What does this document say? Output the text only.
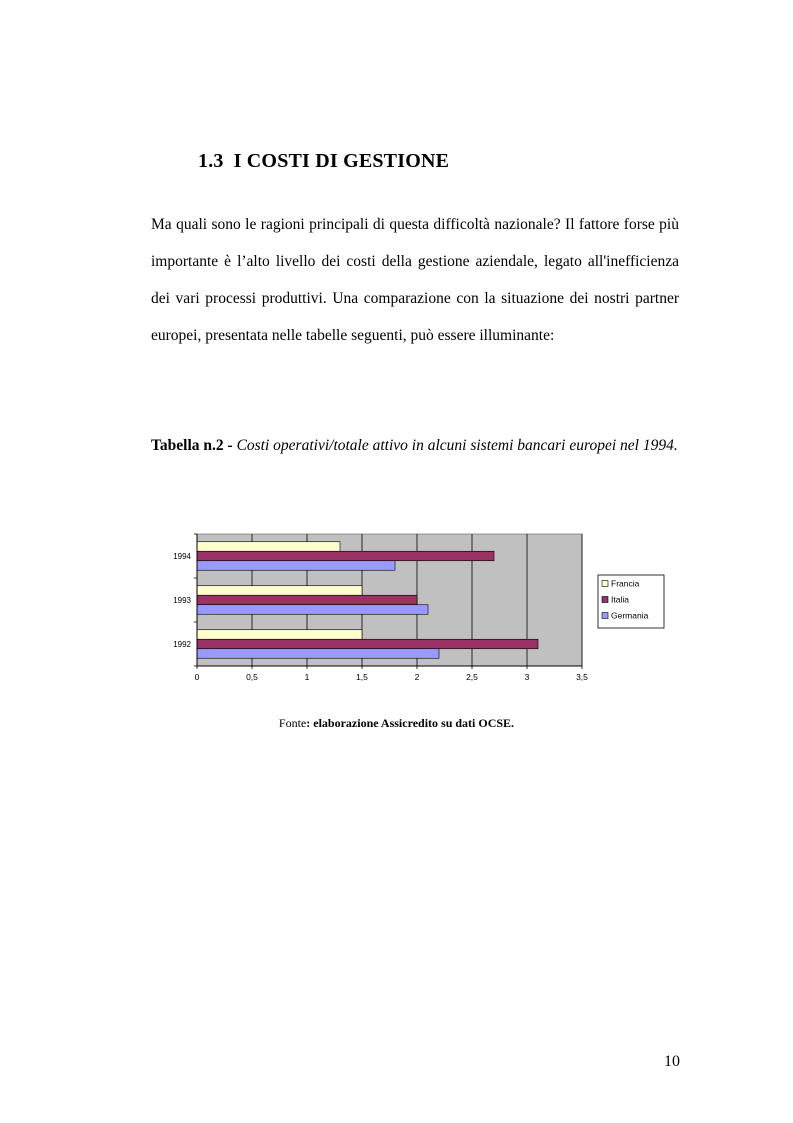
1.3 I COSTI DI GESTIONE

Ma quali sono le ragioni principali di questa difficoltà nazionale? Il fattore forse più importante è l’alto livello dei costi della gestione aziendale, legato all'inefficienza dei vari processi produttivi. Una comparazione con la situazione dei nostri partner europei, presentata nelle tabelle seguenti, può essere illuminante:

Tabella n.2 - Costi operativi/totale attivo in alcuni sistemi bancari europei nel 1994.

1994
1993
1992
0	0,5	1	1,5	2	2,5	3	3,5
Francia
Italia
Germania

Fonte: elaborazione Assicredito su dati OCSE.

10
